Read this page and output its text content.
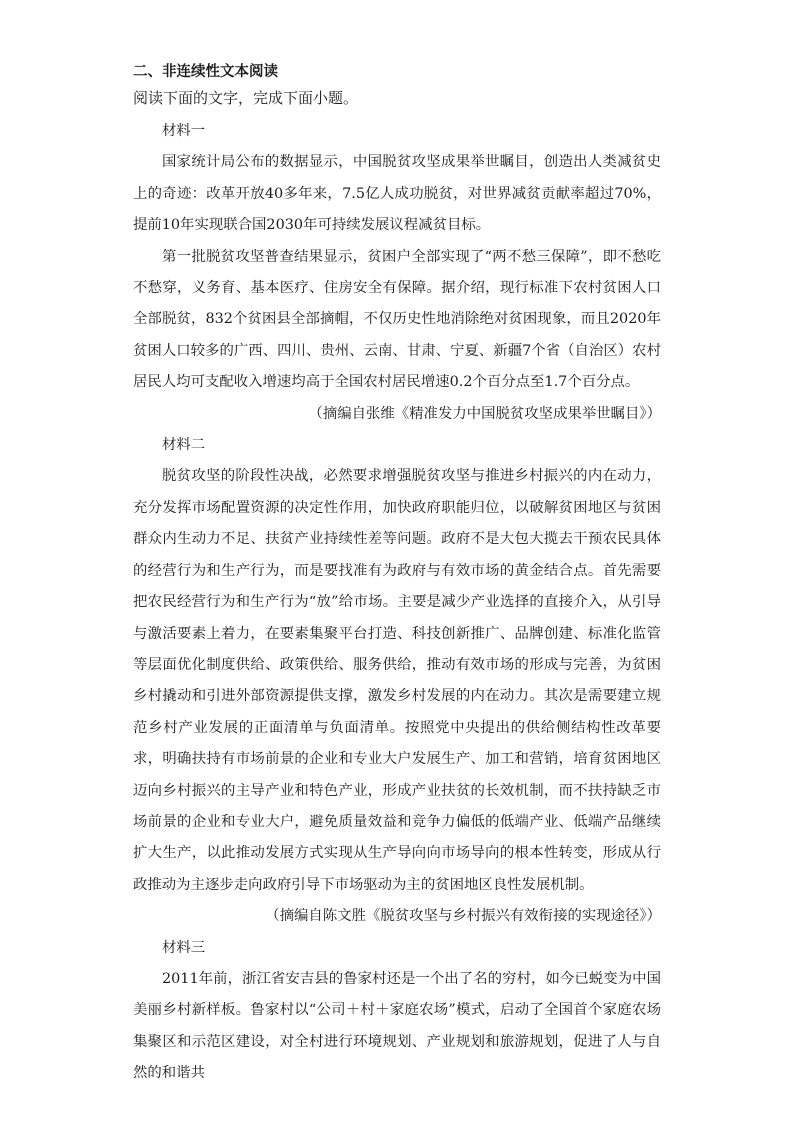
二、非连续性文本阅读

阅读下面的文字，完成下面小题。

材料一

国家统计局公布的数据显示，中国脱贫攻坚成果举世瞩目，创造出人类减贫史上的奇迹：改革开放40多年来，7.5亿人成功脱贫，对世界减贫贡献率超过70%，提前10年实现联合国2030年可持续发展议程减贫目标。

第一批脱贫攻坚普查结果显示，贫困户全部实现了“两不愁三保障”，即不愁吃不愁穿，义务育、基本医疗、住房安全有保障。据介绍，现行标准下农村贫困人口全部脱贫，832个贫困县全部摘帽，不仅历史性地消除绝对贫困现象，而且2020年贫困人口较多的广西、四川、贵州、云南、甘肃、宁夏、新疆7个省（自治区）农村居民人均可支配收入增速均高于全国农村居民增速0.2个百分点至1.7个百分点。

（摘编自张维《精准发力中国脱贫攻坚成果举世瞩目》）

材料二

脱贫攻坚的阶段性决战，必然要求增强脱贫攻坚与推进乡村振兴的内在动力，充分发挥市场配置资源的决定性作用，加快政府职能归位，以破解贫困地区与贫困群众内生动力不足、扶贫产业持续性差等问题。政府不是大包大揽去干预农民具体的经营行为和生产行为，而是要找准有为政府与有效市场的黄金结合点。首先需要把农民经营行为和生产行为“放”给市场。主要是减少产业选择的直接介入，从引导与激活要素上着力，在要素集聚平台打造、科技创新推广、品牌创建、标准化监管等层面优化制度供给、政策供给、服务供给，推动有效市场的形成与完善，为贫困乡村撬动和引进外部资源提供支撑，激发乡村发展的内在动力。其次是需要建立规范乡村产业发展的正面清单与负面清单。按照党中央提出的供给侧结构性改革要求，明确扶持有市场前景的企业和专业大户发展生产、加工和营销，培育贫困地区迈向乡村振兴的主导产业和特色产业，形成产业扶贫的长效机制，而不扶持缺乏市场前景的企业和专业大户，避免质量效益和竞争力偏低的低端产业、低端产品继续扩大生产，以此推动发展方式实现从生产导向向市场导向的根本性转变，形成从行政推动为主逐步走向政府引导下市场驱动为主的贫困地区良性发展机制。

（摘编自陈文胜《脱贫攻坚与乡村振兴有效衔接的实现途径》）

材料三

2011年前，浙江省安吉县的鲁家村还是一个出了名的穷村，如今已蜕变为中国美丽乡村新样板。鲁家村以“公司＋村＋家庭农场”模式，启动了全国首个家庭农场集聚区和示范区建设，对全村进行环境规划、产业规划和旅游规划，促进了人与自然的和谐共
